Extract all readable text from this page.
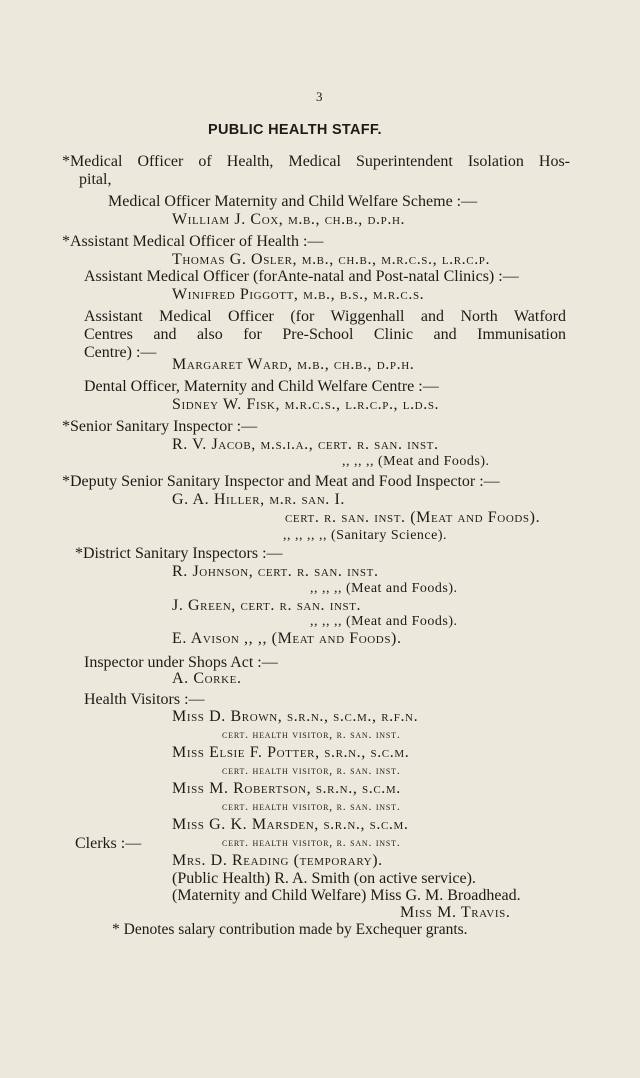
3
PUBLIC HEALTH STAFF.
*Medical Officer of Health, Medical Superintendent Isolation Hos-
pital,
Medical Officer Maternity and Child Welfare Scheme :—
William J. Cox, m.b., ch.b., d.p.h.
*Assistant Medical Officer of Health :—
Thomas G. Osler, m.b., ch.b., m.r.c.s., l.r.c.p.
Assistant Medical Officer (forAnte-natal and Post-natal Clinics) :—
Winifred Piggott, m.b., b.s., m.r.c.s.
Assistant Medical Officer (for Wiggenhall and North Watford
Centres and also for Pre-School Clinic and Immunisation
Centre) :—
Margaret Ward, m.b., ch.b., d.p.h.
Dental Officer, Maternity and Child Welfare Centre :—
Sidney W. Fisk, m.r.c.s., l.r.c.p., l.d.s.
*Senior Sanitary Inspector :—
R. V. Jacob, m.s.i.a., cert. r. san. inst.
,, ,, ,, (Meat and Foods).
*Deputy Senior Sanitary Inspector and Meat and Food Inspector :—
G. A. Hiller, m.r. san. I.
cert. r. san. inst. (Meat and Foods).
,, ,, ,, ,, (Sanitary Science).
*District Sanitary Inspectors :—
R. Johnson, cert. r. san. inst.
,, ,, ,, (Meat and Foods).
J. Green, cert. r. san. inst.
,, ,, ,, (Meat and Foods).
E. Avison ,, ,, (Meat and Foods).
Inspector under Shops Act :—
A. Corke.
Health Visitors :—
Miss D. Brown, s.r.n., s.c.m., r.f.n.
cert. health visitor, r. san. inst.
Miss Elsie F. Potter, s.r.n., s.c.m.
cert. health visitor, r. san. inst.
Miss M. Robertson, s.r.n., s.c.m.
cert. health visitor, r. san. inst.
Miss G. K. Marsden, s.r.n., s.c.m.
cert. health visitor, r. san. inst.
Clerks :—
Mrs. D. Reading (temporary).
(Public Health) R. A. Smith (on active service).
(Maternity and Child Welfare) Miss G. M. Broadhead.
Miss M. Travis.
* Denotes salary contribution made by Exchequer grants.
